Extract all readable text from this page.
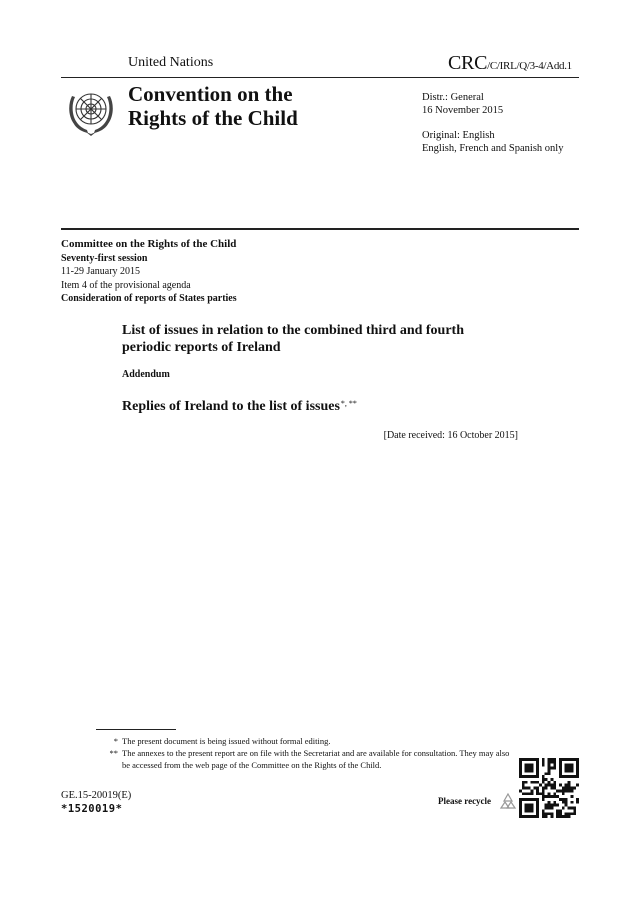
United Nations	CRC/C/IRL/Q/3-4/Add.1
Convention on the
Rights of the Child

Distr.: General

16 November 2015

Original: English

English, French and Spanish only

Committee on the Rights of the Child
Seventy-first session
11-29 January 2015
Item 4 of the provisional agenda
Consideration of reports of States parties
List of issues in relation to the combined third and fourth
periodic reports of Ireland
Addendum
Replies of Ireland to the list of issues*, **
[Date received: 16 October 2015]
* The present document is being issued without formal editing.
** The annexes to the present report are on file with the Secretariat and are available for consultation. They may also be accessed from the web page of the Committee on the Rights of the Child.
GE.15-20019(E)
*1520019*
Please recycle
